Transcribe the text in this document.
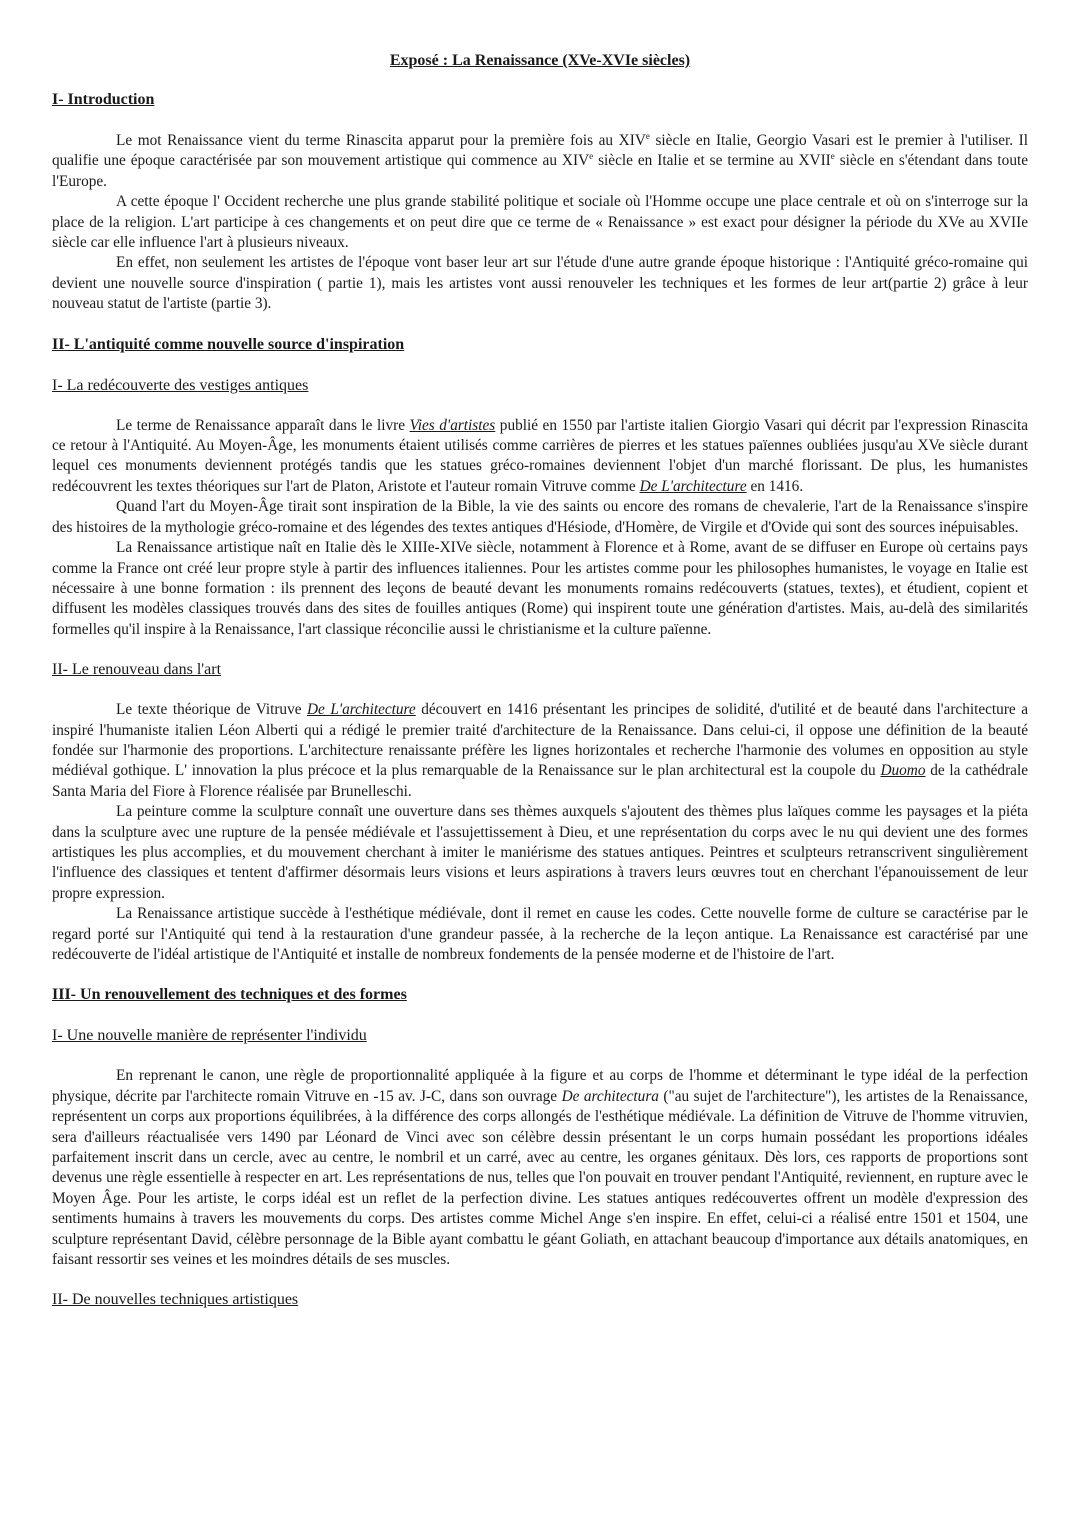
Exposé : La Renaissance (XVe-XVIe siècles)
I- Introduction

Le mot Renaissance vient du terme Rinascita apparut pour la première fois au XIVe siècle en Italie, Georgio Vasari est le premier à l'utiliser. Il qualifie une époque caractérisée par son mouvement artistique qui commence au XIVe siècle en Italie et se termine au XVIIe siècle en s'étendant dans toute l'Europe.

A cette époque l' Occident recherche une plus grande stabilité politique et sociale où l'Homme occupe une place centrale et où on s'interroge sur la place de la religion. L'art participe à ces changements et on peut dire que ce terme de « Renaissance » est exact pour désigner la période du XVe au XVIIe siècle car elle influence l'art à plusieurs niveaux.

En effet, non seulement les artistes de l'époque vont baser leur art sur l'étude d'une autre grande époque historique : l'Antiquité gréco-romaine qui devient une nouvelle source d'inspiration ( partie 1), mais les artistes vont aussi renouveler les techniques et les formes de leur art(partie 2) grâce à leur nouveau statut de l'artiste (partie 3).

II- L'antiquité comme nouvelle source d'inspiration
I- La redécouverte des vestiges antiques

Le terme de Renaissance apparaît dans le livre Vies d'artistes publié en 1550 par l'artiste italien Giorgio Vasari qui décrit par l'expression Rinascita ce retour à l'Antiquité. Au Moyen-Âge, les monuments étaient utilisés comme carrières de pierres et les statues païennes oubliées jusqu'au XVe siècle durant lequel ces monuments deviennent protégés tandis que les statues gréco-romaines deviennent l'objet d'un marché florissant. De plus, les humanistes redécouvrent les textes théoriques sur l'art de Platon, Aristote et l'auteur romain Vitruve comme De L'architecture en 1416.

Quand l'art du Moyen-Âge tirait sont inspiration de la Bible, la vie des saints ou encore des romans de chevalerie, l'art de la Renaissance s'inspire des histoires de la mythologie gréco-romaine et des légendes des textes antiques d'Hésiode, d'Homère, de Virgile et d'Ovide qui sont des sources inépuisables.

La Renaissance artistique naît en Italie dès le XIIIe-XIVe siècle, notamment à Florence et à Rome, avant de se diffuser en Europe où certains pays comme la France ont créé leur propre style à partir des influences italiennes. Pour les artistes comme pour les philosophes humanistes, le voyage en Italie est nécessaire à une bonne formation : ils prennent des leçons de beauté devant les monuments romains redécouverts (statues, textes), et étudient, copient et diffusent les modèles classiques trouvés dans des sites de fouilles antiques (Rome) qui inspirent toute une génération d'artistes. Mais, au-delà des similarités formelles qu'il inspire à la Renaissance, l'art classique réconcilie aussi le christianisme et la culture païenne.

II- Le renouveau dans l'art

Le texte théorique de Vitruve De L'architecture découvert en 1416 présentant les principes de solidité, d'utilité et de beauté dans l'architecture a inspiré l'humaniste italien Léon Alberti qui a rédigé le premier traité d'architecture de la Renaissance. Dans celui-ci, il oppose une définition de la beauté fondée sur l'harmonie des proportions. L'architecture renaissante préfère les lignes horizontales et recherche l'harmonie des volumes en opposition au style médiéval gothique. L' innovation la plus précoce et la plus remarquable de la Renaissance sur le plan architectural est la coupole du Duomo de la cathédrale Santa Maria del Fiore à Florence réalisée par Brunelleschi.

La peinture comme la sculpture connaît une ouverture dans ses thèmes auxquels s'ajoutent des thèmes plus laïques comme les paysages et la piéta dans la sculpture avec une rupture de la pensée médiévale et l'assujettissement à Dieu, et une représentation du corps avec le nu qui devient une des formes artistiques les plus accomplies, et du mouvement cherchant à imiter le maniérisme des statues antiques. Peintres et sculpteurs retranscrivent singulièrement l'influence des classiques et tentent d'affirmer désormais leurs visions et leurs aspirations à travers leurs œuvres tout en cherchant l'épanouissement de leur propre expression.

La Renaissance artistique succède à l'esthétique médiévale, dont il remet en cause les codes. Cette nouvelle forme de culture se caractérise par le regard porté sur l'Antiquité qui tend à la restauration d'une grandeur passée, à la recherche de la leçon antique. La Renaissance est caractérisé par une redécouverte de l'idéal artistique de l'Antiquité et installe de nombreux fondements de la pensée moderne et de l'histoire de l'art.

III- Un renouvellement des techniques et des formes
I- Une nouvelle manière de représenter l'individu

En reprenant le canon, une règle de proportionnalité appliquée à la figure et au corps de l'homme et déterminant le type idéal de la perfection physique, décrite par l'architecte romain Vitruve en -15 av. J-C, dans son ouvrage De architectura ("au sujet de l'architecture"), les artistes de la Renaissance, représentent un corps aux proportions équilibrées, à la différence des corps allongés de l'esthétique médiévale. La définition de Vitruve de l'homme vitruvien, sera d'ailleurs réactualisée vers 1490 par Léonard de Vinci avec son célèbre dessin présentant le un corps humain possédant les proportions idéales parfaitement inscrit dans un cercle, avec au centre, le nombril et un carré, avec au centre, les organes génitaux. Dès lors, ces rapports de proportions sont devenus une règle essentielle à respecter en art. Les représentations de nus, telles que l'on pouvait en trouver pendant l'Antiquité, reviennent, en rupture avec le Moyen Âge. Pour les artiste, le corps idéal est un reflet de la perfection divine. Les statues antiques redécouvertes offrent un modèle d'expression des sentiments humains à travers les mouvements du corps. Des artistes comme Michel Ange s'en inspire. En effet, celui-ci a réalisé entre 1501 et 1504, une sculpture représentant David, célèbre personnage de la Bible ayant combattu le géant Goliath, en attachant beaucoup d'importance aux détails anatomiques, en faisant ressortir ses veines et les moindres détails de ses muscles.

II- De nouvelles techniques artistiques
